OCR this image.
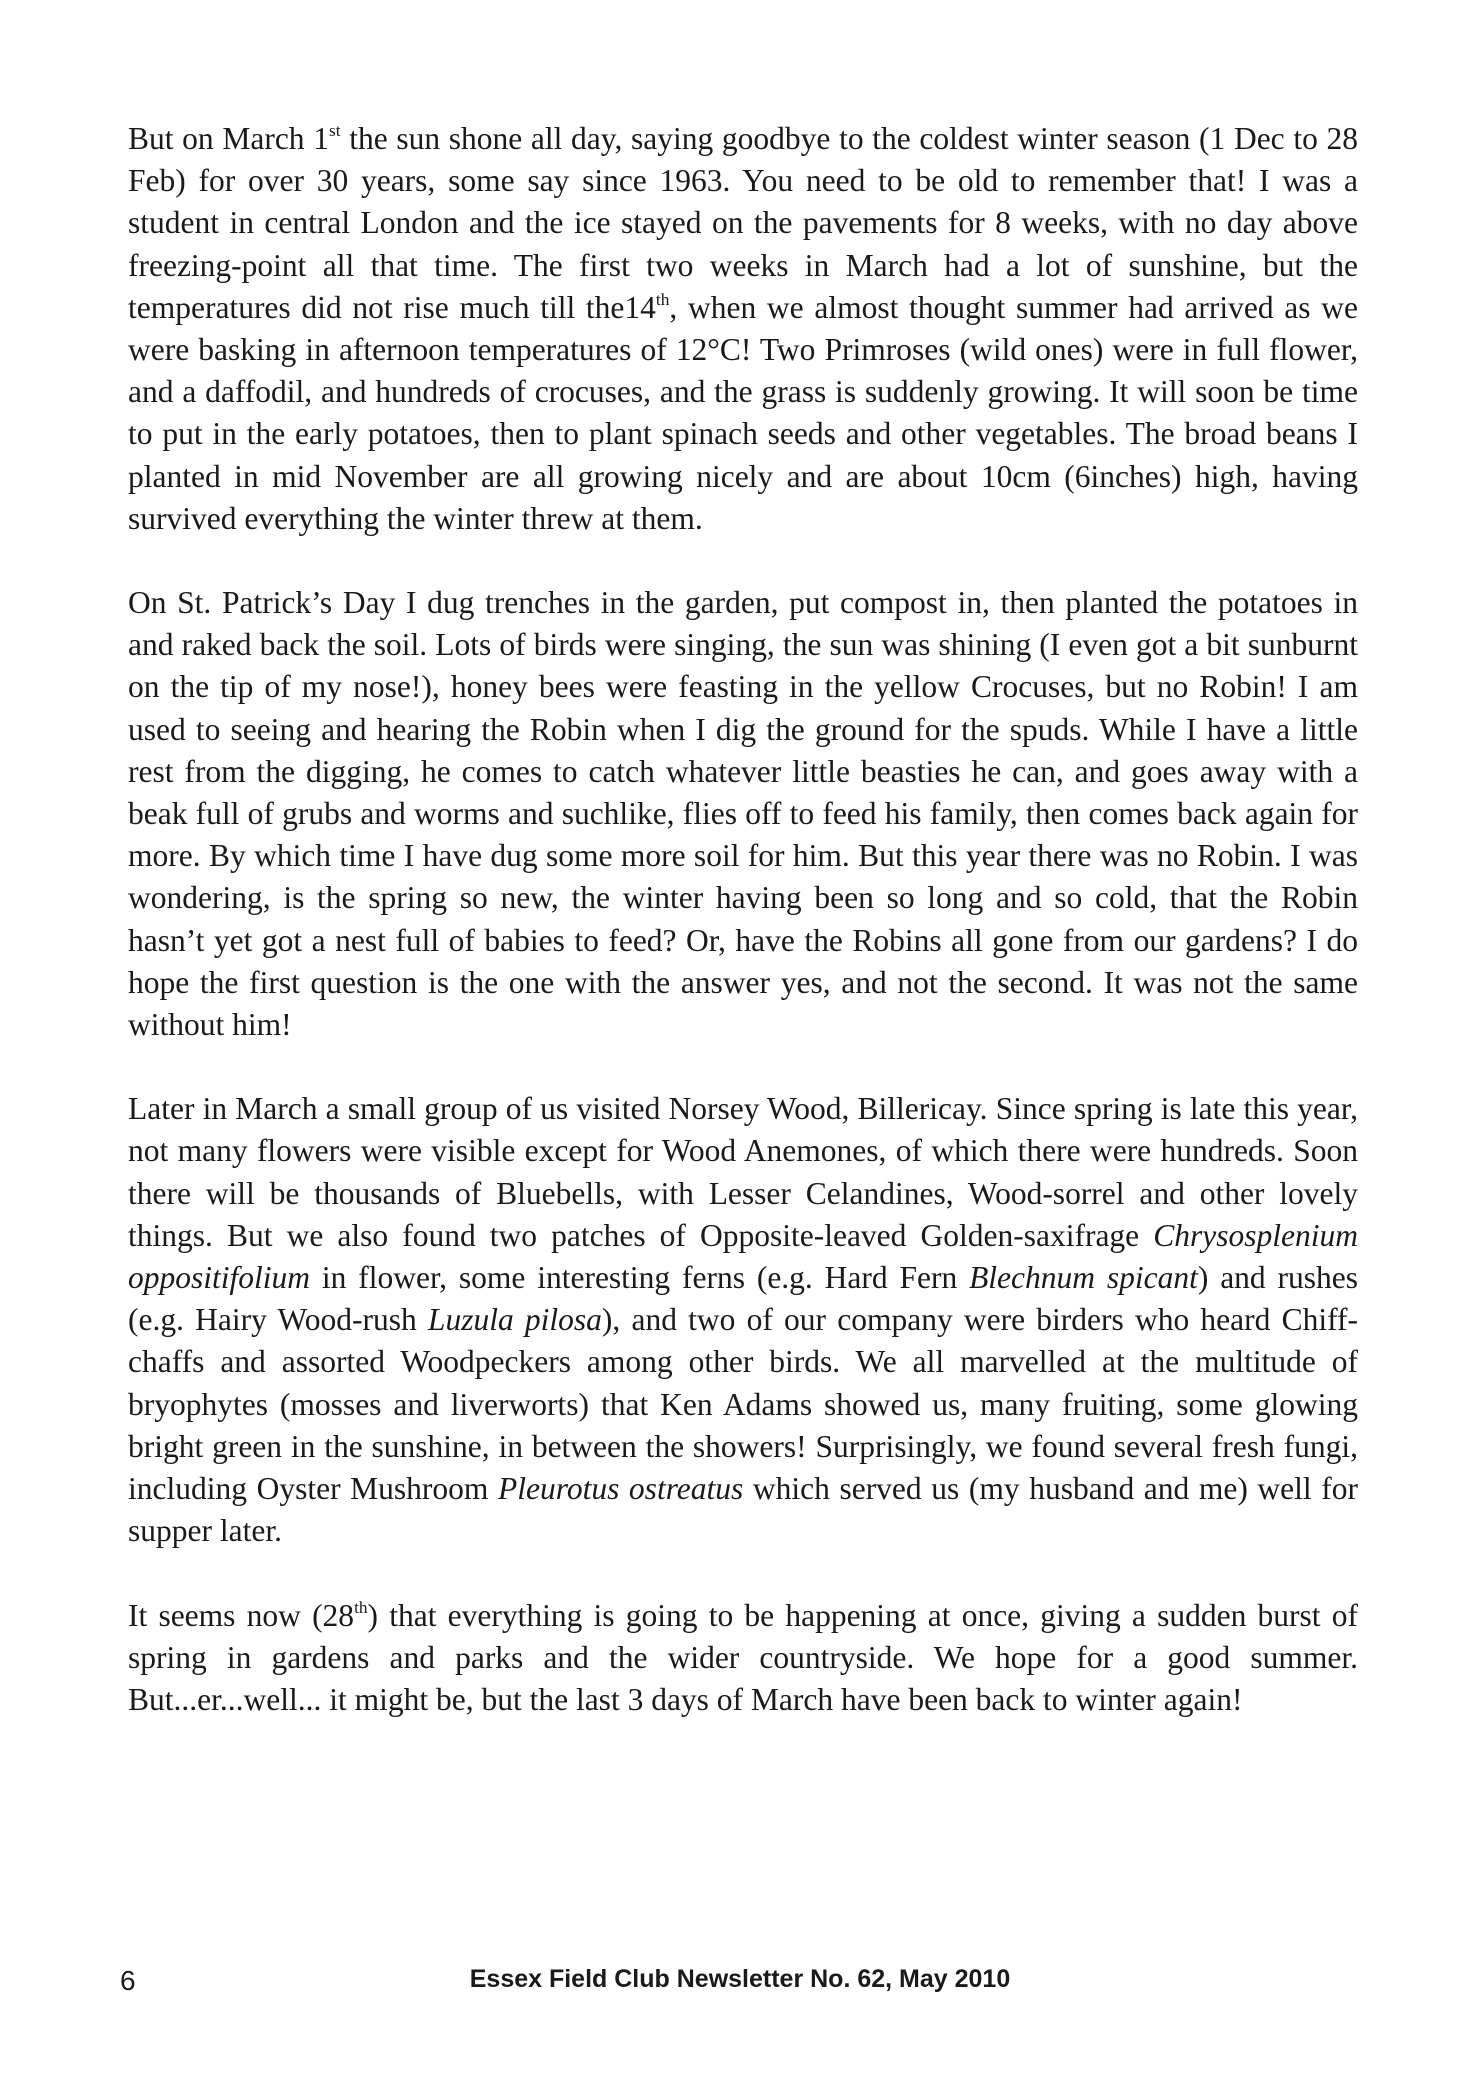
But on March 1st the sun shone all day, saying goodbye to the coldest winter season (1 Dec to 28 Feb) for over 30 years, some say since 1963. You need to be old to remember that! I was a student in central London and the ice stayed on the pavements for 8 weeks, with no day above freezing-point all that time. The first two weeks in March had a lot of sunshine, but the temperatures did not rise much till the14th, when we almost thought summer had arrived as we were basking in afternoon temperatures of 12°C! Two Primroses (wild ones) were in full flower, and a daffodil, and hundreds of crocuses, and the grass is suddenly growing. It will soon be time to put in the early potatoes, then to plant spinach seeds and other vegetables. The broad beans I planted in mid November are all growing nicely and are about 10cm (6inches) high, having survived everything the winter threw at them.

On St. Patrick’s Day I dug trenches in the garden, put compost in, then planted the potatoes in and raked back the soil. Lots of birds were singing, the sun was shining (I even got a bit sunburnt on the tip of my nose!), honey bees were feasting in the yellow Crocuses, but no Robin! I am used to seeing and hearing the Robin when I dig the ground for the spuds. While I have a little rest from the digging, he comes to catch whatever little beasties he can, and goes away with a beak full of grubs and worms and suchlike, flies off to feed his family, then comes back again for more. By which time I have dug some more soil for him. But this year there was no Robin. I was wondering, is the spring so new, the winter having been so long and so cold, that the Robin hasn’t yet got a nest full of babies to feed? Or, have the Robins all gone from our gardens? I do hope the first question is the one with the answer yes, and not the second. It was not the same without him!

Later in March a small group of us visited Norsey Wood, Billericay. Since spring is late this year, not many flowers were visible except for Wood Anemones, of which there were hundreds. Soon there will be thousands of Bluebells, with Lesser Celandines, Wood-sorrel and other lovely things. But we also found two patches of Opposite-leaved Golden-saxifrage Chrysosplenium oppositifolium in flower, some interesting ferns (e.g. Hard Fern Blechnum spicant) and rushes (e.g. Hairy Wood-rush Luzula pilosa), and two of our company were birders who heard Chiff-chaffs and assorted Woodpeckers among other birds. We all marvelled at the multitude of bryophytes (mosses and liverworts) that Ken Adams showed us, many fruiting, some glowing bright green in the sunshine, in between the showers! Surprisingly, we found several fresh fungi, including Oyster Mushroom Pleurotus ostreatus which served us (my husband and me) well for supper later.

It seems now (28th) that everything is going to be happening at once, giving a sudden burst of spring in gardens and parks and the wider countryside. We hope for a good summer. But...er...well... it might be, but the last 3 days of March have been back to winter again!

6	Essex Field Club Newsletter No. 62, May 2010
